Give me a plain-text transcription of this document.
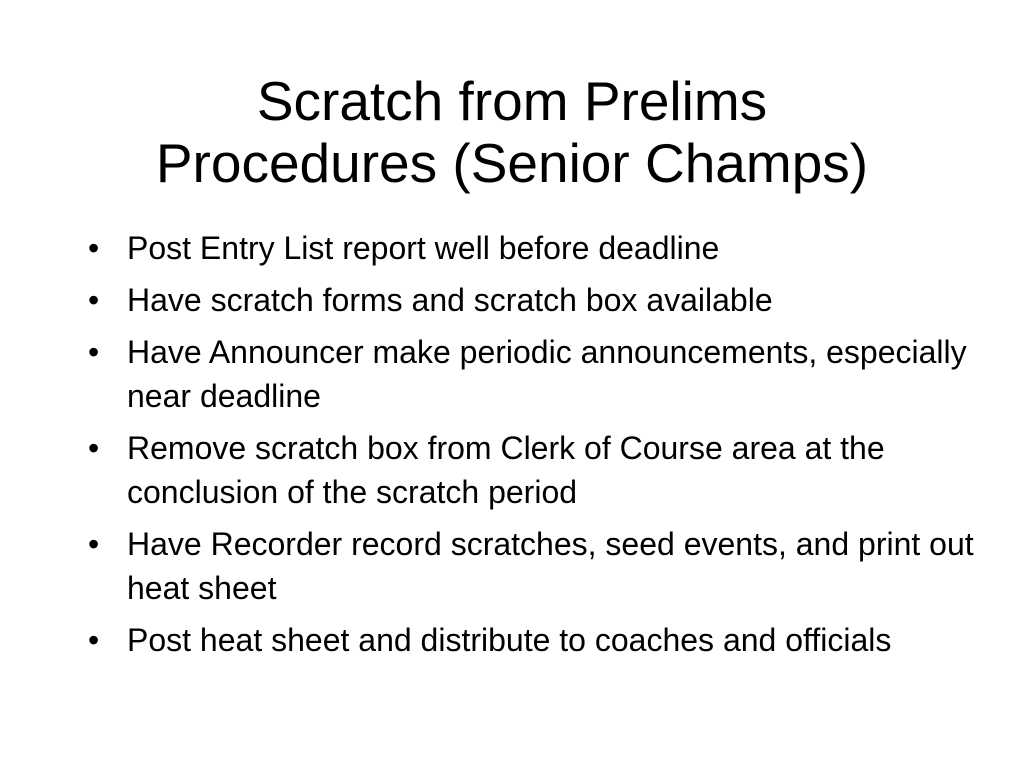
Scratch from Prelims
Procedures (Senior Champs)
• Post Entry List report well before deadline
• Have scratch forms and scratch box available
• Have Announcer make periodic announcements, especially near deadline
• Remove scratch box from Clerk of Course area at the conclusion of the scratch period
• Have Recorder record scratches, seed events, and print out heat sheet
• Post heat sheet and distribute to coaches and officials
